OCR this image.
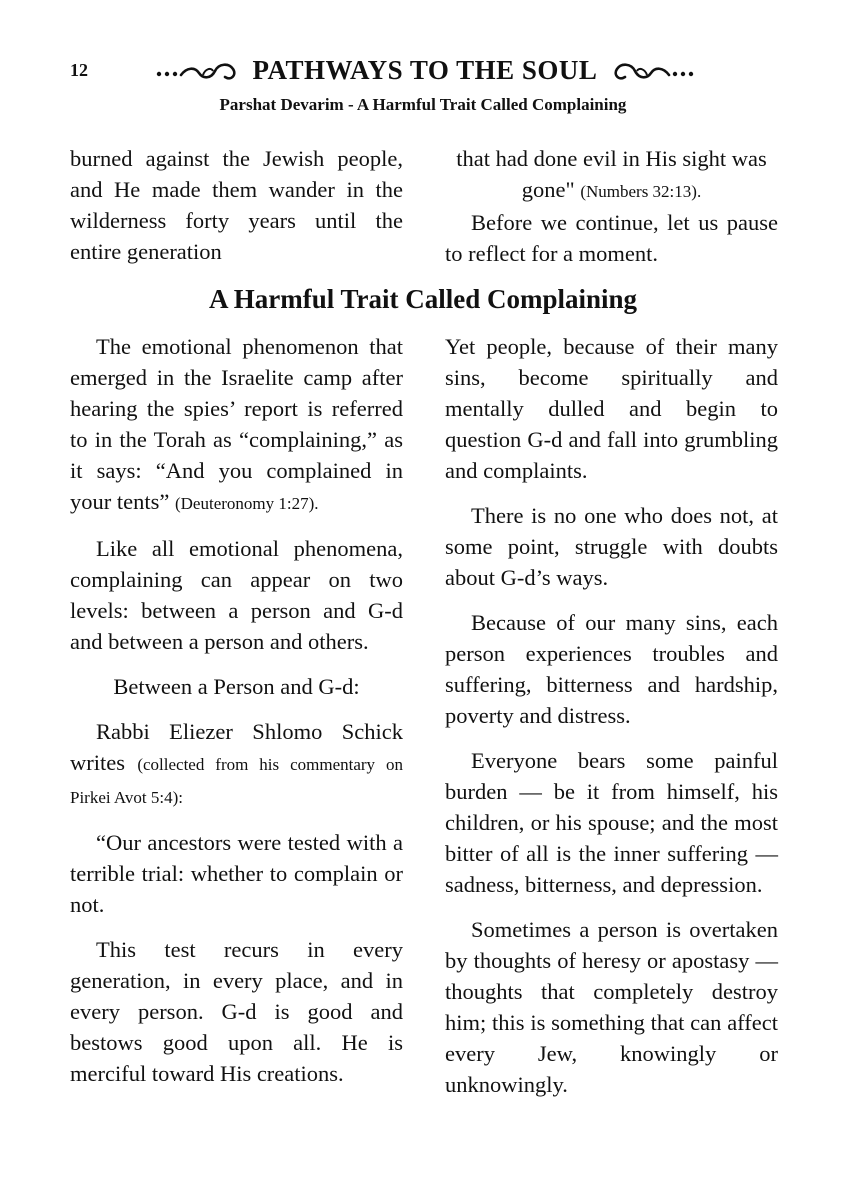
12	PATHWAYS TO THE SOUL
Parshat Devarim - A Harmful Trait Called Complaining

burned against the Jewish people, and He made them wander in the wilderness forty years until the entire generation

that had done evil in His sight was gone" (Numbers 32:13).

Before we continue, let us pause to reflect for a moment.

A Harmful Trait Called Complaining

The emotional phenomenon that emerged in the Israelite camp after hearing the spies’ report is referred to in the Torah as “complaining,” as it says: “And you complained in your tents” (Deuteronomy 1:27).

Like all emotional phenomena, complaining can appear on two levels: between a person and G-d and between a person and others.

Between a Person and G-d:

Rabbi Eliezer Shlomo Schick writes (collected from his commentary on Pirkei Avot 5:4):

“Our ancestors were tested with a terrible trial: whether to complain or not.

This test recurs in every generation, in every place, and in every person. G-d is good and bestows good upon all. He is merciful toward His creations.

Yet people, because of their many sins, become spiritually and mentally dulled and begin to question G-d and fall into grumbling and complaints.

There is no one who does not, at some point, struggle with doubts about G-d’s ways.

Because of our many sins, each person experiences troubles and suffering, bitterness and hardship, poverty and distress.

Everyone bears some painful burden — be it from himself, his children, or his spouse; and the most bitter of all is the inner suffering — sadness, bitterness, and depression.

Sometimes a person is overtaken by thoughts of heresy or apostasy — thoughts that completely destroy him; this is something that can affect every Jew, knowingly or unknowingly.
